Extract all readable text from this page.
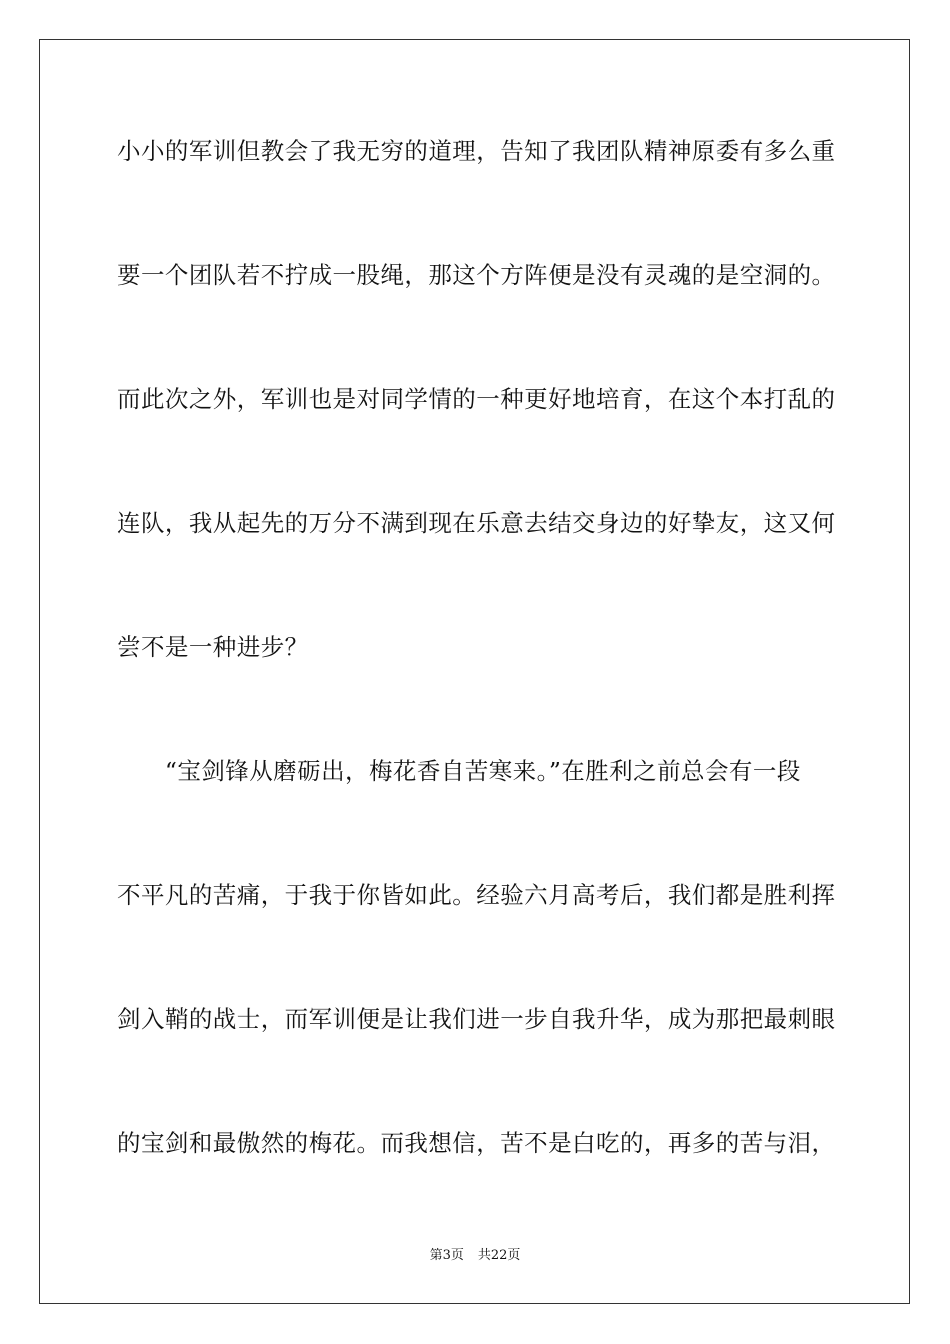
小小的军训但教会了我无穷的道理，告知了我团队精神原委有多么重
要一个团队若不拧成一股绳，那这个方阵便是没有灵魂的是空洞的。
而此次之外，军训也是对同学情的一种更好地培育，在这个本打乱的
连队，我从起先的万分不满到现在乐意去结交身边的好挚友，这又何
尝不是一种进步？
　　“宝剑锋从磨砺出，梅花香自苦寒来。”在胜利之前总会有一段
不平凡的苦痛，于我于你皆如此。经验六月高考后，我们都是胜利挥
剑入鞘的战士，而军训便是让我们进一步自我升华，成为那把最刺眼
的宝剑和最傲然的梅花。而我想信，苦不是白吃的，再多的苦与泪，
第3页 共22页
